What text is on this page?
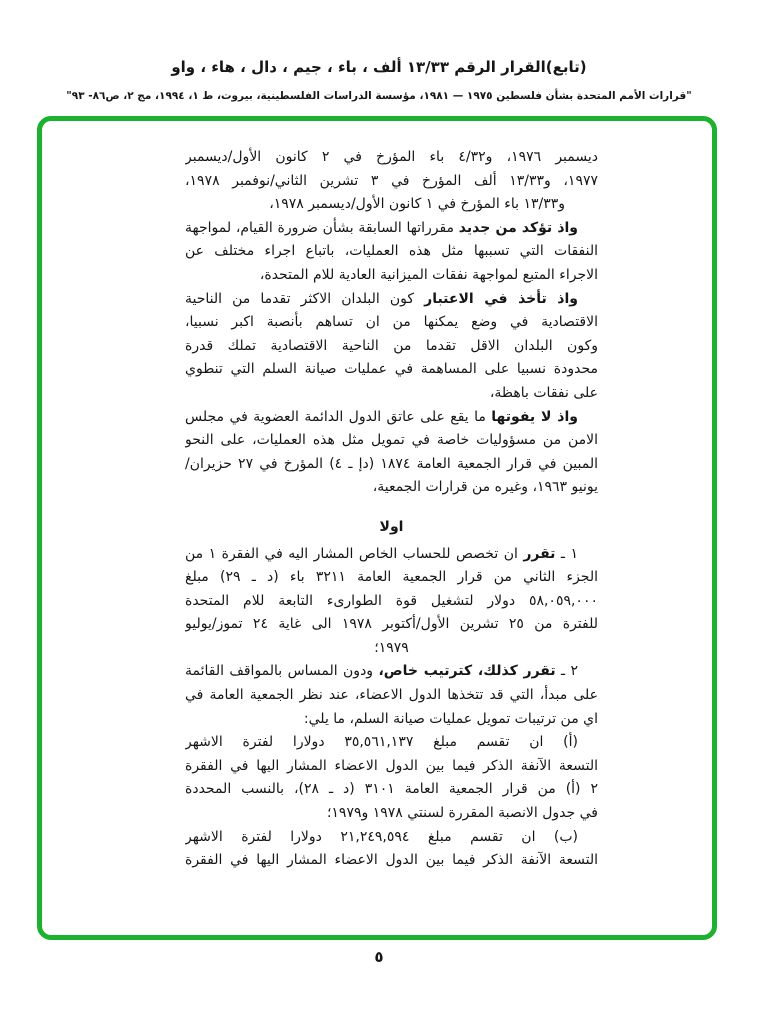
(تابع)القرار الرقم ١٣/٣٣ ألف ، باء ، جيم ، دال ، هاء ، واو
"قرارات الأمم المتحدة بشأن فلسطين ١٩٧٥ — ١٩٨١، مؤسسة الدراسات الفلسطينية، بيروت، ط ١، ١٩٩٤، مج ٢، ص٨٦- ٩٣"
ديسمبر ١٩٧٦، و٤/٣٢ باء المؤرخ في ٢ كانون الأول/ديسمبر
١٩٧٧، و١٣/٣٣ ألف المؤرخ في ٣ تشرين الثاني/نوفمبر ١٩٧٨،
و١٣/٣٣ باء المؤرخ في ١ كانون الأول/ديسمبر ١٩٧٨،
واذ تؤكد من جديد مقرراتها السابقة بشأن ضرورة القيام، لمواجهة
النفقات التي تسببها مثل هذه العمليات، باتباع اجراء مختلف عن
الاجراء المتبع لمواجهة نفقات الميزانية العادية للام المتحدة،
واذ تأخذ في الاعتبار كون البلدان الاكثر تقدما من الناحية
الاقتصادية في وضع يمكنها من ان تساهم بأنصبة اكبر نسبيا،
وكون البلدان الاقل تقدما من الناحية الاقتصادية تملك قدرة
محدودة نسبيا على المساهمة في عمليات صيانة السلم التي تنطوي
على نفقات باهظة،
واذ لا يفوتها ما يقع على عاتق الدول الدائمة العضوية في مجلس
الامن من مسؤوليات خاصة في تمويل مثل هذه العمليات، على النحو
المبين في قرار الجمعية العامة ١٨٧٤ (دإ ـ ٤) المؤرخ في ٢٧ حزيران/
يونيو ١٩٦٣، وغيره من قرارات الجمعية،
اولا
١ ـ تقرر ان تخصص للحساب الخاص المشار اليه في الفقرة ١ من
الجزء الثاني من قرار الجمعية العامة ٣٢١١ باء (د ـ ٢٩) مبلغ
٥٨,٠٥٩,٠٠٠ دولار لتشغيل قوة الطوارىء التابعة للام المتحدة
للفترة من ٢٥ تشرين الأول/أكتوبر ١٩٧٨ الى غاية ٢٤ تموز/يوليو
١٩٧٩؛
٢ ـ تقرر كذلك، كترتيب خاص، ودون المساس بالمواقف القائمة
على مبدأ، التي قد تتخذها الدول الاعضاء، عند نظر الجمعية العامة في
اي من ترتيبات تمويل عمليات صيانة السلم، ما يلي:
(أ) ان تقسم مبلغ ٣٥,٥٦١,١٣٧ دولارا لفترة الاشهر
التسعة الآنفة الذكر فيما بين الدول الاعضاء المشار اليها في الفقرة
٢ (أ) من قرار الجمعية العامة ٣١٠١ (د ـ ٢٨)، بالنسب المحددة
في جدول الانصبة المقررة لسنتي ١٩٧٨ و١٩٧٩؛
(ب) ان تقسم مبلغ ٢١,٢٤٩,٥٩٤ دولارا لفترة الاشهر
التسعة الآنفة الذكر فيما بين الدول الاعضاء المشار اليها في الفقرة
٥
